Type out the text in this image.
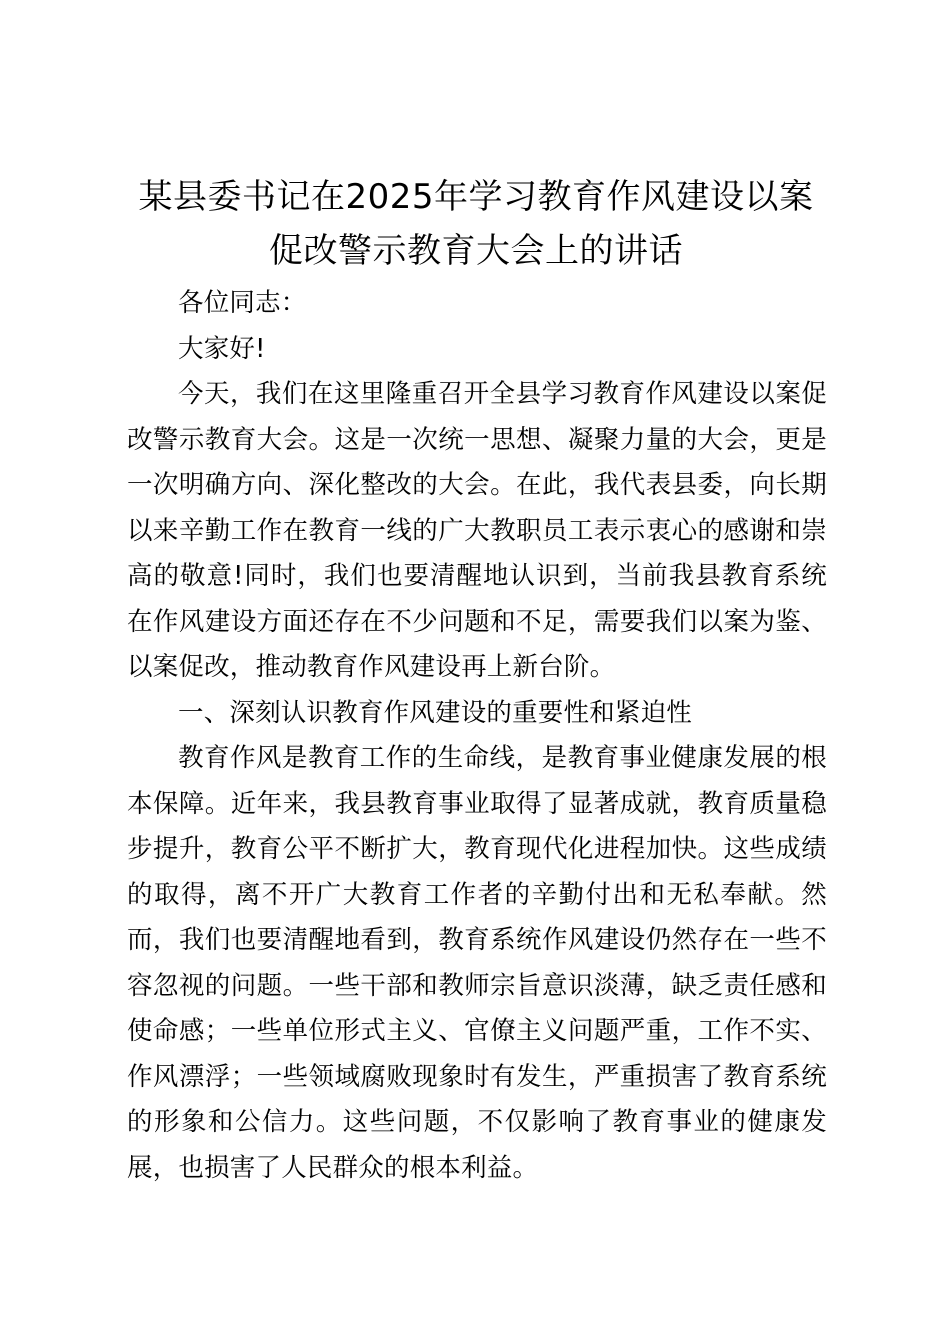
某县委书记在2025年学习教育作风建设以案
促改警示教育大会上的讲话

各位同志：

大家好!

今天，我们在这里隆重召开全县学习教育作风建设以案促改警示教育大会。这是一次统一思想、凝聚力量的大会，更是一次明确方向、深化整改的大会。在此，我代表县委，向长期以来辛勤工作在教育一线的广大教职员工表示衷心的感谢和崇高的敬意!同时，我们也要清醒地认识到，当前我县教育系统在作风建设方面还存在不少问题和不足，需要我们以案为鉴、以案促改，推动教育作风建设再上新台阶。

一、深刻认识教育作风建设的重要性和紧迫性

教育作风是教育工作的生命线，是教育事业健康发展的根本保障。近年来，我县教育事业取得了显著成就，教育质量稳步提升，教育公平不断扩大，教育现代化进程加快。这些成绩的取得，离不开广大教育工作者的辛勤付出和无私奉献。然而，我们也要清醒地看到，教育系统作风建设仍然存在一些不容忽视的问题。一些干部和教师宗旨意识淡薄，缺乏责任感和使命感；一些单位形式主义、官僚主义问题严重，工作不实、作风漂浮；一些领域腐败现象时有发生，严重损害了教育系统的形象和公信力。这些问题，不仅影响了教育事业的健康发展，也损害了人民群众的根本利益。
